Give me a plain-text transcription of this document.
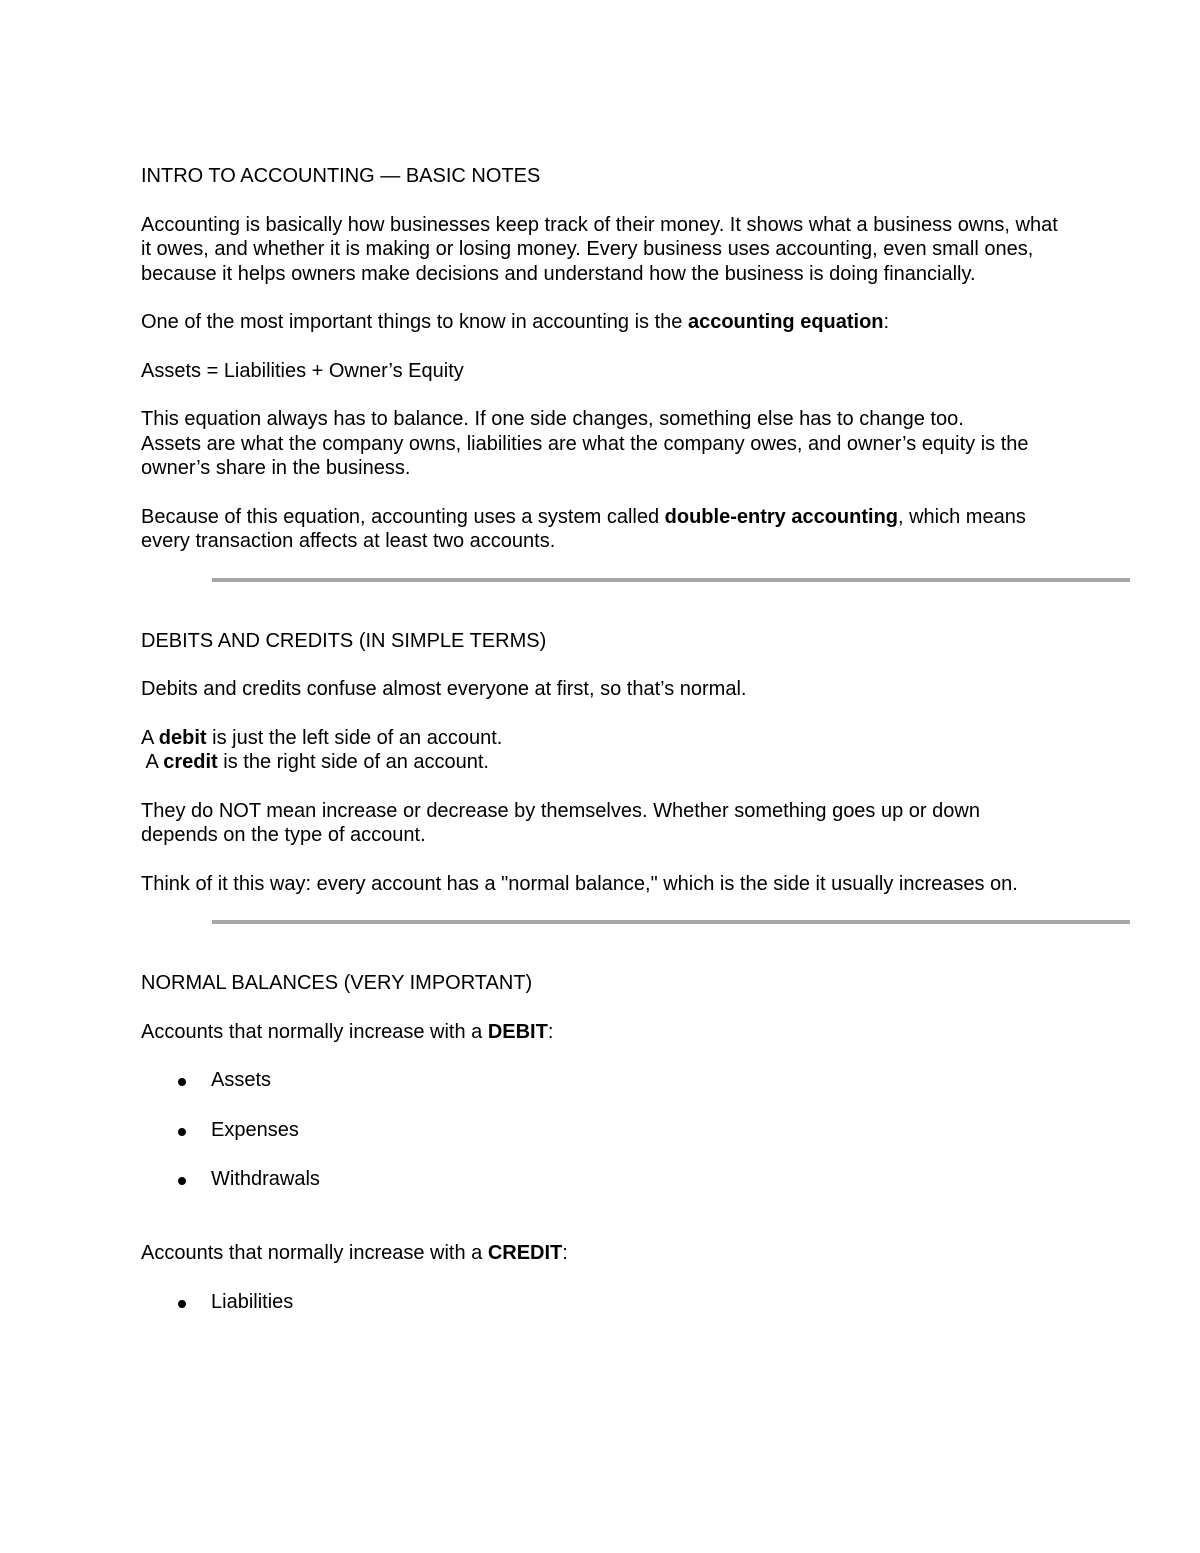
INTRO TO ACCOUNTING — BASIC NOTES

Accounting is basically how businesses keep track of their money. It shows what a business owns, what it owes, and whether it is making or losing money. Every business uses accounting, even small ones, because it helps owners make decisions and understand how the business is doing financially.

One of the most important things to know in accounting is the accounting equation:

Assets = Liabilities + Owner’s Equity

This equation always has to balance. If one side changes, something else has to change too.
Assets are what the company owns, liabilities are what the company owes, and owner’s equity is the owner’s share in the business.

Because of this equation, accounting uses a system called double-entry accounting, which means every transaction affects at least two accounts.

DEBITS AND CREDITS (IN SIMPLE TERMS)

Debits and credits confuse almost everyone at first, so that’s normal.

A debit is just the left side of an account.
A credit is the right side of an account.

They do NOT mean increase or decrease by themselves. Whether something goes up or down depends on the type of account.

Think of it this way: every account has a "normal balance," which is the side it usually increases on.

NORMAL BALANCES (VERY IMPORTANT)

Accounts that normally increase with a DEBIT:

Assets
Expenses
Withdrawals

Accounts that normally increase with a CREDIT:

Liabilities
